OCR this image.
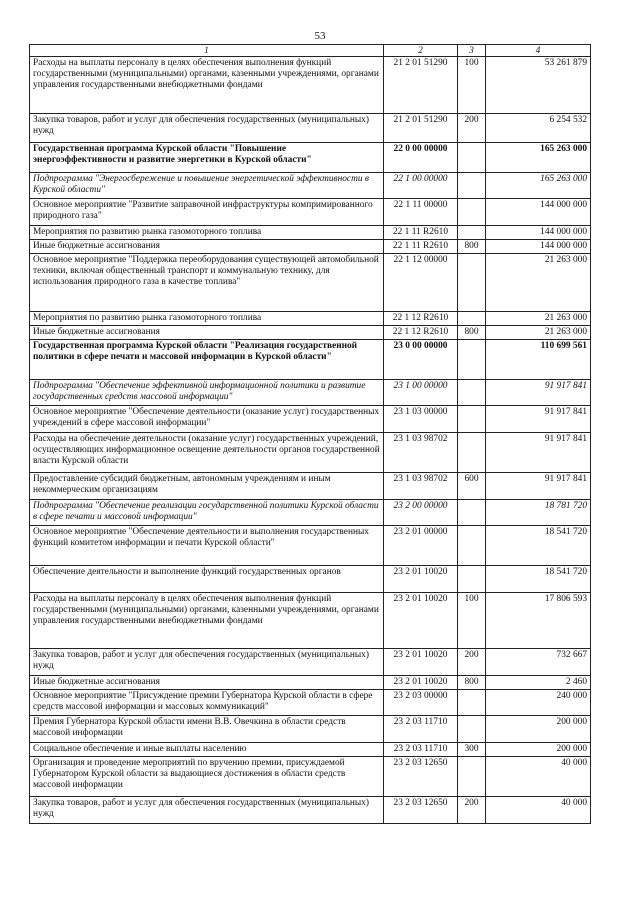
53
1	2	3	4
Расходы на выплаты персоналу в целях обеспечения выполнения функций государственными (муниципальными) органами, казенными учреждениями, органами управления государственными внебюджетными фондами	21 2 01 51290	100	53 261 879
Закупка товаров, работ и услуг для обеспечения государственных (муниципальных) нужд	21 2 01 51290	200	6 254 532
Государственная программа Курской области "Повышение энергоэффективности и развитие энергетики в Курской области"	22 0 00 00000		165 263 000
Подпрограмма "Энергосбережение и повышение энергетической эффективности в Курской области"	22 1 00 00000		165 263 000
Основное мероприятие "Развитие заправочной инфраструктуры компримированного природного газа"	22 1 11 00000		144 000 000
Мероприятия по развитию рынка газомоторного топлива	22 1 11 R2610		144 000 000
Иные бюджетные ассигнования	22 1 11 R2610	800	144 000 000
Основное мероприятие "Поддержка переоборудования существующей автомобильной техники, включая общественный транспорт и коммунальную технику, для использования природного газа в качестве топлива"	22 1 12 00000		21 263 000
Мероприятия по развитию рынка газомоторного топлива	22 1 12 R2610		21 263 000
Иные бюджетные ассигнования	22 1 12 R2610	800	21 263 000
Государственная программа Курской области "Реализация государственной политики в сфере печати и массовой информации в Курской области"	23 0 00 00000		110 699 561
Подпрограмма "Обеспечение эффективной информационной политики и развитие государственных средств массовой информации"	23 1 00 00000		91 917 841
Основное мероприятие "Обеспечение деятельности (оказание услуг) государственных учреждений в сфере массовой информации"	23 1 03 00000		91 917 841
Расходы на обеспечение деятельности (оказание услуг) государственных учреждений, осуществляющих информационное освещение деятельности органов государственной власти Курской области	23 1 03 98702		91 917 841
Предоставление субсидий бюджетным, автономным учреждениям и иным некоммерческим организациям	23 1 03 98702	600	91 917 841
Подпрограмма "Обеспечение реализации государственной политики Курской области в сфере печати и массовой информации"	23 2 00 00000		18 781 720
Основное мероприятие "Обеспечение деятельности и выполнения государственных функций комитетом информации и печати Курской области"	23 2 01 00000		18 541 720
Обеспечение деятельности и выполнение функций государственных органов	23 2 01 10020		18 541 720
Расходы на выплаты персоналу в целях обеспечения выполнения функций государственными (муниципальными) органами, казенными учреждениями, органами управления государственными внебюджетными фондами	23 2 01 10020	100	17 806 593
Закупка товаров, работ и услуг для обеспечения государственных (муниципальных) нужд	23 2 01 10020	200	732 667
Иные бюджетные ассигнования	23 2 01 10020	800	2 460
Основное мероприятие "Присуждение премии Губернатора Курской области в сфере средств массовой информации и массовых коммуникаций"	23 2 03 00000		240 000
Премия Губернатора Курской области имени В.В. Овечкина в области средств массовой информации	23 2 03 11710		200 000
Социальное обеспечение и иные выплаты населению	23 2 03 11710	300	200 000
Организация и проведение мероприятий по вручению премии, присуждаемой Губернатором Курской области за выдающиеся достижения в области средств массовой информации	23 2 03 12650		40 000
Закупка товаров, работ и услуг для обеспечения государственных (муниципальных) нужд	23 2 03 12650	200	40 000
